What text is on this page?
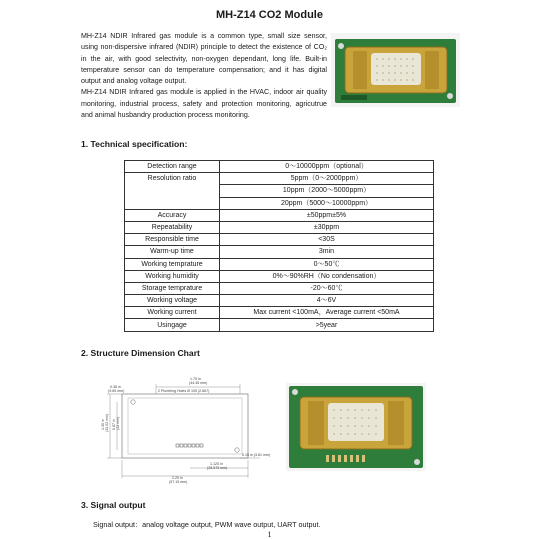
MH-Z14 CO2 Module

MH-Z14 NDIR Infrared gas module is a common type, small size sensor, using non-dispersive infrared (NDIR) principle to detect the existence of CO₂ in the air, with good selectivity, non-oxygen dependant, long life. Built-in temperature sensor can do temperature compensation; and it has digital output and analog voltage output.

MH-Z14 NDIR Infrared gas module is applied in the HVAC, indoor air quality monitoring, industrial process, safety and protection monitoring, agricutrue and animal husbandry production process monitoring.

1. Technical specification:
Detection range	0～10000ppm（optional）
Resolution ratio	5ppm（0～2000ppm）
	10ppm（2000～5000ppm）
	20ppm（5000～10000ppm）
Accuracy	±50ppm±5%
Repeatability	±30ppm
Responsible time	<30S
Warm-up time	3min
Working temprature	0～50℃
Working humidity	0%～90%RH（No condensation）
Storage temprature	-20～60℃
Working voltage	4～6V
Working current	Max current <100mA，Average current <50mA
Usingage	>5year
2. Structure Dimension Chart
1.75 in
(44.45 mm)
0.38 in
(9.65 mm)	2 Plumbing Holes Ø 105 (2.667)
1.30 in (33.02 mm) 0.87 in (22 mm)
0.15 in (3.81 mm)
1.125 in
(28.575 mm)
2.25 in
(57.15 mm)
3. Signal output
Signal output：analog voltage output, PWM wave output, UART output.
1
